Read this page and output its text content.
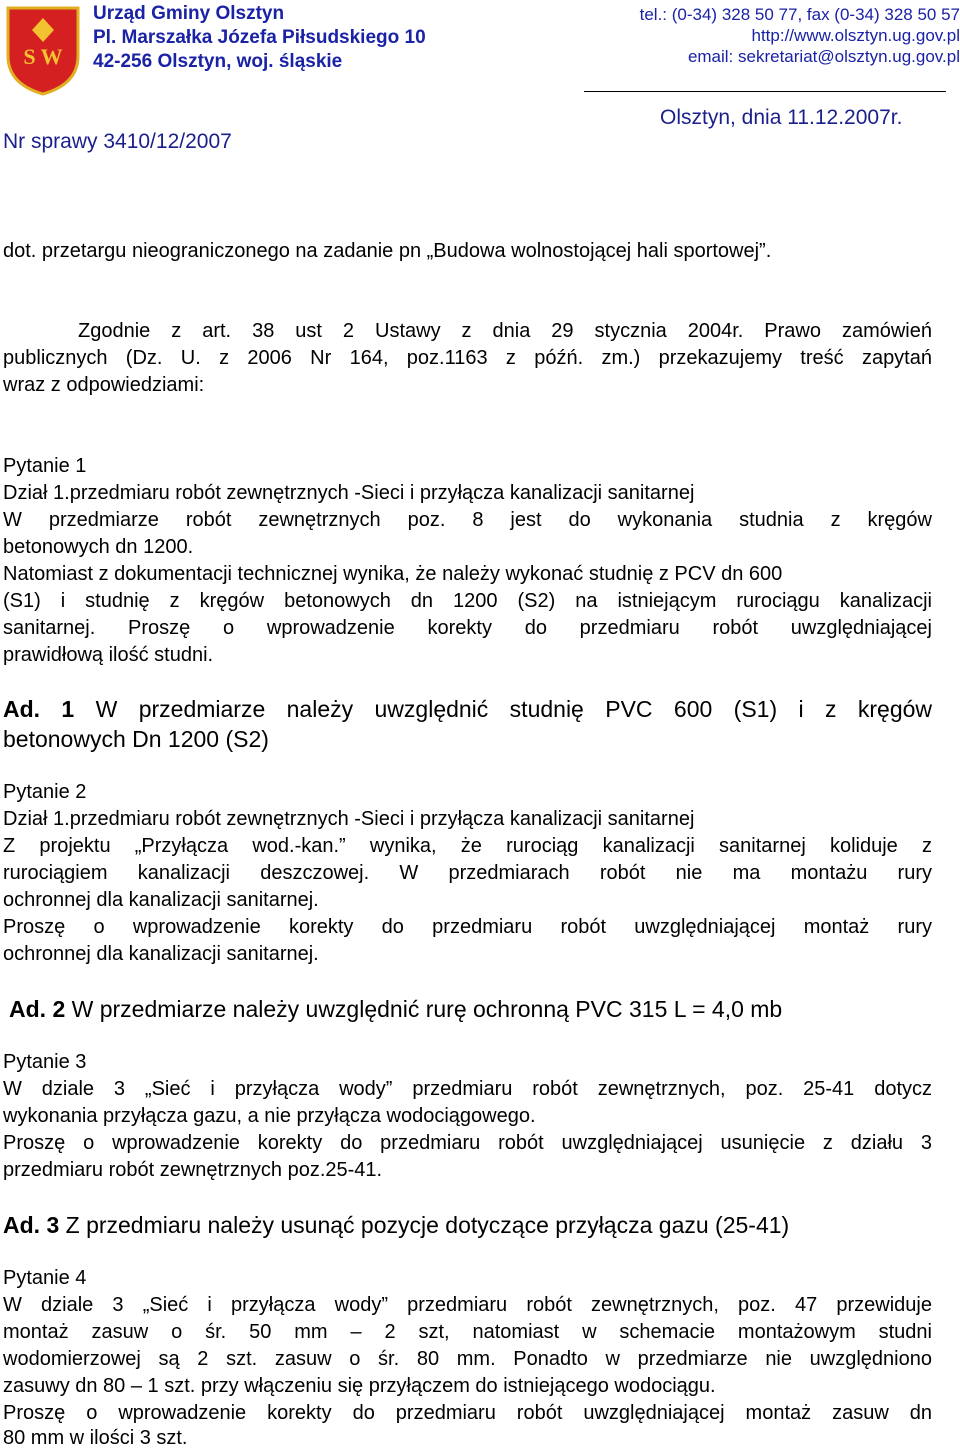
S W
Urząd Gminy Olsztyn
Pl. Marszałka Józefa Piłsudskiego 10
42-256 Olsztyn, woj. śląskie
tel.: (0-34) 328 50 77, fax (0-34) 328 50 57
http://www.olsztyn.ug.gov.pl
email: sekretariat@olsztyn.ug.gov.pl
Olsztyn, dnia 11.12.2007r.
Nr sprawy 3410/12/2007

dot. przetargu nieograniczonego na zadanie pn „Budowa wolnostojącej hali sportowej”.

Zgodnie z art. 38 ust 2 Ustawy z dnia 29 stycznia 2004r. Prawo zamówień

publicznych (Dz. U. z 2006 Nr 164, poz.1163 z późń. zm.) przekazujemy treść zapytań

wraz z odpowiedziami:

Pytanie 1

Dział 1.przedmiaru robót zewnętrznych -Sieci i przyłącza kanalizacji sanitarnej

W przedmiarze robót zewnętrznych poz. 8 jest do wykonania studnia z kręgów

betonowych dn 1200.

Natomiast z dokumentacji technicznej wynika, że należy wykonać studnię z PCV dn 600

(S1) i studnię z kręgów betonowych dn 1200 (S2) na istniejącym rurociągu kanalizacji

sanitarnej. Proszę o wprowadzenie korekty do przedmiaru robót uwzględniającej

prawidłową ilość studni.

Ad. 1 W przedmiarze należy uwzględnić studnię PVC 600 (S1) i z kręgów

betonowych Dn 1200 (S2)

Pytanie 2

Dział 1.przedmiaru robót zewnętrznych -Sieci i przyłącza kanalizacji sanitarnej

Z projektu „Przyłącza wod.-kan.” wynika, że rurociąg kanalizacji sanitarnej koliduje z

rurociągiem kanalizacji deszczowej. W przedmiarach robót nie ma montażu rury

ochronnej dla kanalizacji sanitarnej.

Proszę o wprowadzenie korekty do przedmiaru robót uwzględniającej montaż rury

ochronnej dla kanalizacji sanitarnej.

Ad. 2 W przedmiarze należy uwzględnić rurę ochronną PVC 315 L = 4,0 mb

Pytanie 3

W dziale 3 „Sieć i przyłącza wody” przedmiaru robót zewnętrznych, poz. 25-41 dotycz

wykonania przyłącza gazu, a nie przyłącza wodociągowego.

Proszę o wprowadzenie korekty do przedmiaru robót uwzględniającej usunięcie z działu 3

przedmiaru robót zewnętrznych poz.25-41.

Ad. 3 Z przedmiaru należy usunąć pozycje dotyczące przyłącza gazu (25-41)

Pytanie 4

W dziale 3 „Sieć i przyłącza wody” przedmiaru robót zewnętrznych, poz. 47 przewiduje

montaż zasuw o śr. 50 mm – 2 szt, natomiast w schemacie montażowym studni

wodomierzowej są 2 szt. zasuw o śr. 80 mm. Ponadto w przedmiarze nie uwzględniono

zasuwy dn 80 – 1 szt. przy włączeniu się przyłączem do istniejącego wodociągu.

Proszę o wprowadzenie korekty do przedmiaru robót uwzględniającej montaż zasuw dn

80 mm w ilości 3 szt.
